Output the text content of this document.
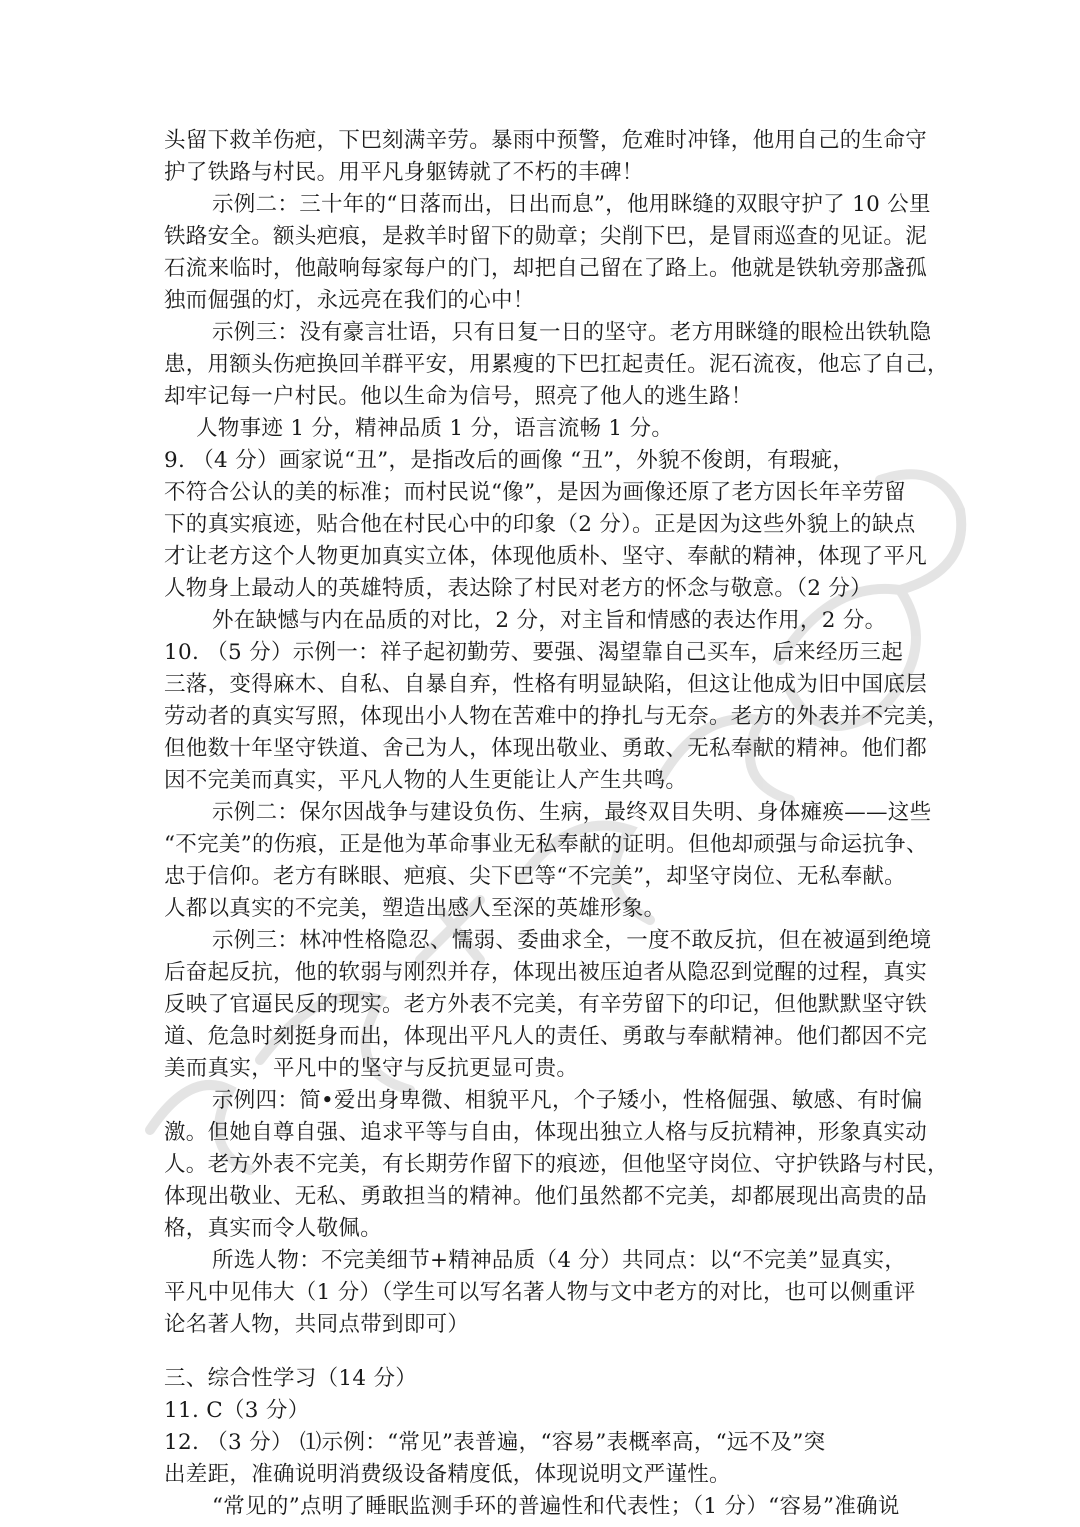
头留下救羊伤疤，下巴刻满辛劳。暴雨中预警，危难时冲锋，他用自己的生命守
护了铁路与村民。用平凡身躯铸就了不朽的丰碑！
示例二：三十年的“日落而出，日出而息”，他用眯缝的双眼守护了 10 公里
铁路安全。额头疤痕，是救羊时留下的勋章；尖削下巴，是冒雨巡查的见证。泥
石流来临时，他敲响每家每户的门，却把自己留在了路上。他就是铁轨旁那盏孤
独而倔强的灯，永远亮在我们的心中！
示例三：没有豪言壮语，只有日复一日的坚守。老方用眯缝的眼检出铁轨隐
患，用额头伤疤换回羊群平安，用累瘦的下巴扛起责任。泥石流夜，他忘了自己，
却牢记每一户村民。他以生命为信号，照亮了他人的逃生路！
人物事迹 1 分，精神品质 1 分，语言流畅 1 分。
9. （4 分）画家说“丑”，是指改后的画像 “丑”，外貌不俊朗，有瑕疵，
不符合公认的美的标准；而村民说“像”，是因为画像还原了老方因长年辛劳留
下的真实痕迹，贴合他在村民心中的印象（2 分）。正是因为这些外貌上的缺点
才让老方这个人物更加真实立体，体现他质朴、坚守、奉献的精神，体现了平凡
人物身上最动人的英雄特质，表达除了村民对老方的怀念与敬意。（2 分）
外在缺憾与内在品质的对比，2 分，对主旨和情感的表达作用，2 分。
10. （5 分）示例一：祥子起初勤劳、要强、渴望靠自己买车，后来经历三起
三落，变得麻木、自私、自暴自弃，性格有明显缺陷，但这让他成为旧中国底层
劳动者的真实写照，体现出小人物在苦难中的挣扎与无奈。老方的外表并不完美，
但他数十年坚守铁道、舍己为人，体现出敬业、勇敢、无私奉献的精神。他们都
因不完美而真实，平凡人物的人生更能让人产生共鸣。
示例二：保尔因战争与建设负伤、生病，最终双目失明、身体瘫痪——这些
“不完美”的伤痕，正是他为革命事业无私奉献的证明。但他却顽强与命运抗争、
忠于信仰。老方有眯眼、疤痕、尖下巴等“不完美”，却坚守岗位、无私奉献。
人都以真实的不完美，塑造出感人至深的英雄形象。
示例三：林冲性格隐忍、懦弱、委曲求全，一度不敢反抗，但在被逼到绝境
后奋起反抗，他的软弱与刚烈并存，体现出被压迫者从隐忍到觉醒的过程，真实
反映了官逼民反的现实。老方外表不完美，有辛劳留下的印记，但他默默坚守铁
道、危急时刻挺身而出，体现出平凡人的责任、勇敢与奉献精神。他们都因不完
美而真实，平凡中的坚守与反抗更显可贵。
示例四：简•爱出身卑微、相貌平凡，个子矮小，性格倔强、敏感、有时偏
激。但她自尊自强、追求平等与自由，体现出独立人格与反抗精神，形象真实动
人。老方外表不完美，有长期劳作留下的痕迹，但他坚守岗位、守护铁路与村民，
体现出敬业、无私、勇敢担当的精神。他们虽然都不完美，却都展现出高贵的品
格，真实而令人敬佩。
所选人物：不完美细节+精神品质（4 分）共同点：以“不完美”显真实，
平凡中见伟大（1 分）（学生可以写名著人物与文中老方的对比，也可以侧重评
论名著人物，共同点带到即可）
三、综合性学习（14 分）
11. C（3 分）
12. （3 分） ⑴示例：“常见”表普遍，“容易”表概率高，“远不及”突
出差距，准确说明消费级设备精度低，体现说明文严谨性。
“常见的”点明了睡眠监测手环的普遍性和代表性；（1 分）“容易”准确说
